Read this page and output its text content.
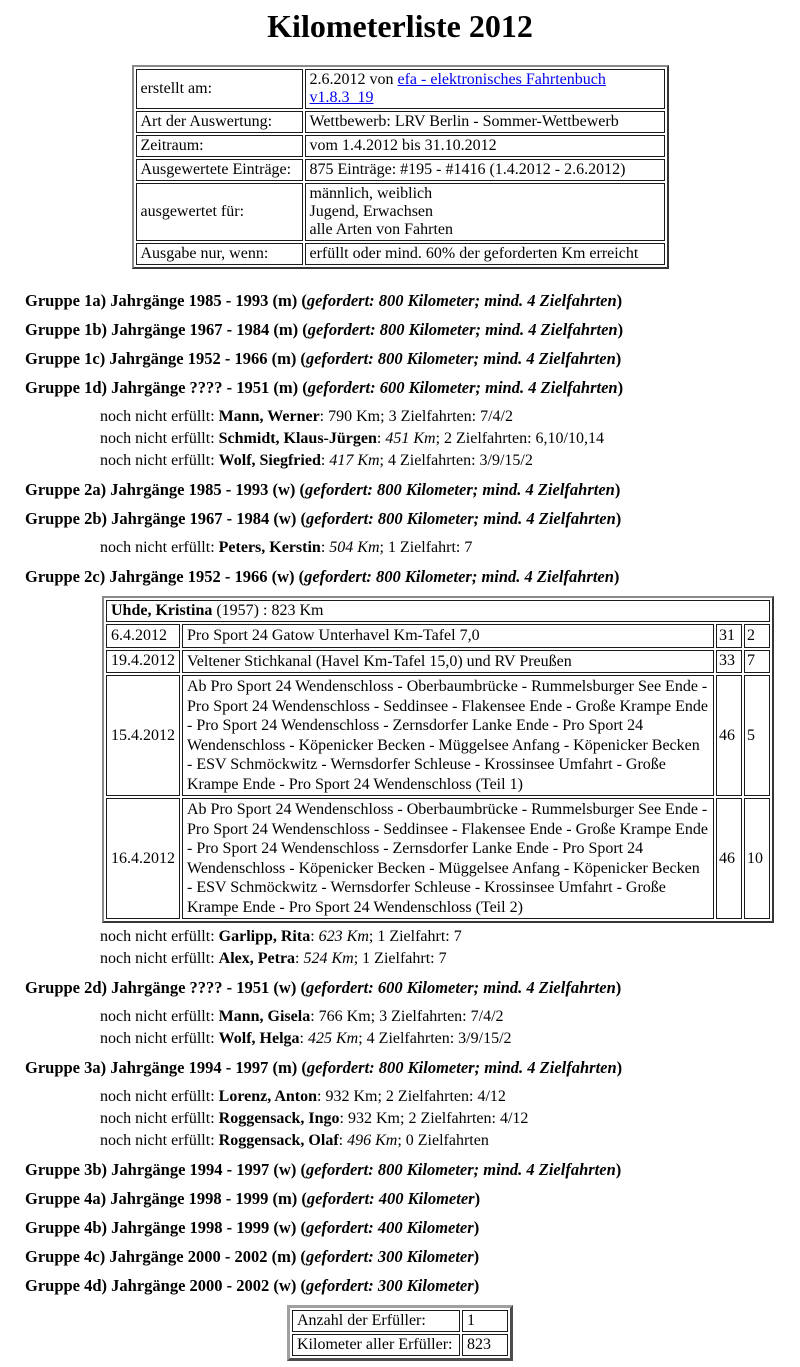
Kilometerliste 2012
erstellt am:	2.6.2012 von efa - elektronisches Fahrtenbuch v1.8.3_19
Art der Auswertung:	Wettbewerb: LRV Berlin - Sommer-Wettbewerb
Zeitraum:	vom 1.4.2012 bis 31.10.2012
Ausgewertete Einträge:	875 Einträge: #195 - #1416 (1.4.2012 - 2.6.2012)
ausgewertet für:	männlich, weiblich
Jugend, Erwachsen
alle Arten von Fahrten

Ausgabe nur, wenn:	erfüllt oder mind. 60% der geforderten Km erreicht

Gruppe 1a) Jahrgänge 1985 - 1993 (m) (gefordert: 800 Kilometer; mind. 4 Zielfahrten)

Gruppe 1b) Jahrgänge 1967 - 1984 (m) (gefordert: 800 Kilometer; mind. 4 Zielfahrten)

Gruppe 1c) Jahrgänge 1952 - 1966 (m) (gefordert: 800 Kilometer; mind. 4 Zielfahrten)

Gruppe 1d) Jahrgänge ???? - 1951 (m) (gefordert: 600 Kilometer; mind. 4 Zielfahrten)

noch nicht erfüllt: Mann, Werner: 790 Km; 3 Zielfahrten: 7/4/2

noch nicht erfüllt: Schmidt, Klaus-Jürgen: 451 Km; 2 Zielfahrten: 6,10/10,14

noch nicht erfüllt: Wolf, Siegfried: 417 Km; 4 Zielfahrten: 3/9/15/2

Gruppe 2a) Jahrgänge 1985 - 1993 (w) (gefordert: 800 Kilometer; mind. 4 Zielfahrten)

Gruppe 2b) Jahrgänge 1967 - 1984 (w) (gefordert: 800 Kilometer; mind. 4 Zielfahrten)

noch nicht erfüllt: Peters, Kerstin: 504 Km; 1 Zielfahrt: 7

Gruppe 2c) Jahrgänge 1952 - 1966 (w) (gefordert: 800 Kilometer; mind. 4 Zielfahrten)

Uhde, Kristina (1957) : 823 Km			
6.4.2012	Pro Sport 24 Gatow Unterhavel Km-Tafel 7,0	31	2
19.4.2012	Veltener Stichkanal (Havel Km-Tafel 15,0) und RV Preußen	33	7
15.4.2012	Ab Pro Sport 24 Wendenschloss - Oberbaumbrücke - Rummelsburger See Ende - Pro Sport 24 Wendenschloss - Seddinsee - Flakensee Ende - Große Krampe Ende - Pro Sport 24 Wendenschloss - Zernsdorfer Lanke Ende - Pro Sport 24 Wendenschloss - Köpenicker Becken - Müggelsee Anfang - Köpenicker Becken - ESV Schmöckwitz - Wernsdorfer Schleuse - Krossinsee Umfahrt - Große Krampe Ende - Pro Sport 24 Wendenschloss (Teil 1)	46	5
16.4.2012	Ab Pro Sport 24 Wendenschloss - Oberbaumbrücke - Rummelsburger See Ende - Pro Sport 24 Wendenschloss - Seddinsee - Flakensee Ende - Große Krampe Ende - Pro Sport 24 Wendenschloss - Zernsdorfer Lanke Ende - Pro Sport 24 Wendenschloss - Köpenicker Becken - Müggelsee Anfang - Köpenicker Becken - ESV Schmöckwitz - Wernsdorfer Schleuse - Krossinsee Umfahrt - Große Krampe Ende - Pro Sport 24 Wendenschloss (Teil 2)	46	10

noch nicht erfüllt: Garlipp, Rita: 623 Km; 1 Zielfahrt: 7

noch nicht erfüllt: Alex, Petra: 524 Km; 1 Zielfahrt: 7

Gruppe 2d) Jahrgänge ???? - 1951 (w) (gefordert: 600 Kilometer; mind. 4 Zielfahrten)

noch nicht erfüllt: Mann, Gisela: 766 Km; 3 Zielfahrten: 7/4/2

noch nicht erfüllt: Wolf, Helga: 425 Km; 4 Zielfahrten: 3/9/15/2

Gruppe 3a) Jahrgänge 1994 - 1997 (m) (gefordert: 800 Kilometer; mind. 4 Zielfahrten)

noch nicht erfüllt: Lorenz, Anton: 932 Km; 2 Zielfahrten: 4/12

noch nicht erfüllt: Roggensack, Ingo: 932 Km; 2 Zielfahrten: 4/12

noch nicht erfüllt: Roggensack, Olaf: 496 Km; 0 Zielfahrten

Gruppe 3b) Jahrgänge 1994 - 1997 (w) (gefordert: 800 Kilometer; mind. 4 Zielfahrten)

Gruppe 4a) Jahrgänge 1998 - 1999 (m) (gefordert: 400 Kilometer)

Gruppe 4b) Jahrgänge 1998 - 1999 (w) (gefordert: 400 Kilometer)

Gruppe 4c) Jahrgänge 2000 - 2002 (m) (gefordert: 300 Kilometer)

Gruppe 4d) Jahrgänge 2000 - 2002 (w) (gefordert: 300 Kilometer)

Anzahl der Erfüller:	1
Kilometer aller Erfüller:	823
